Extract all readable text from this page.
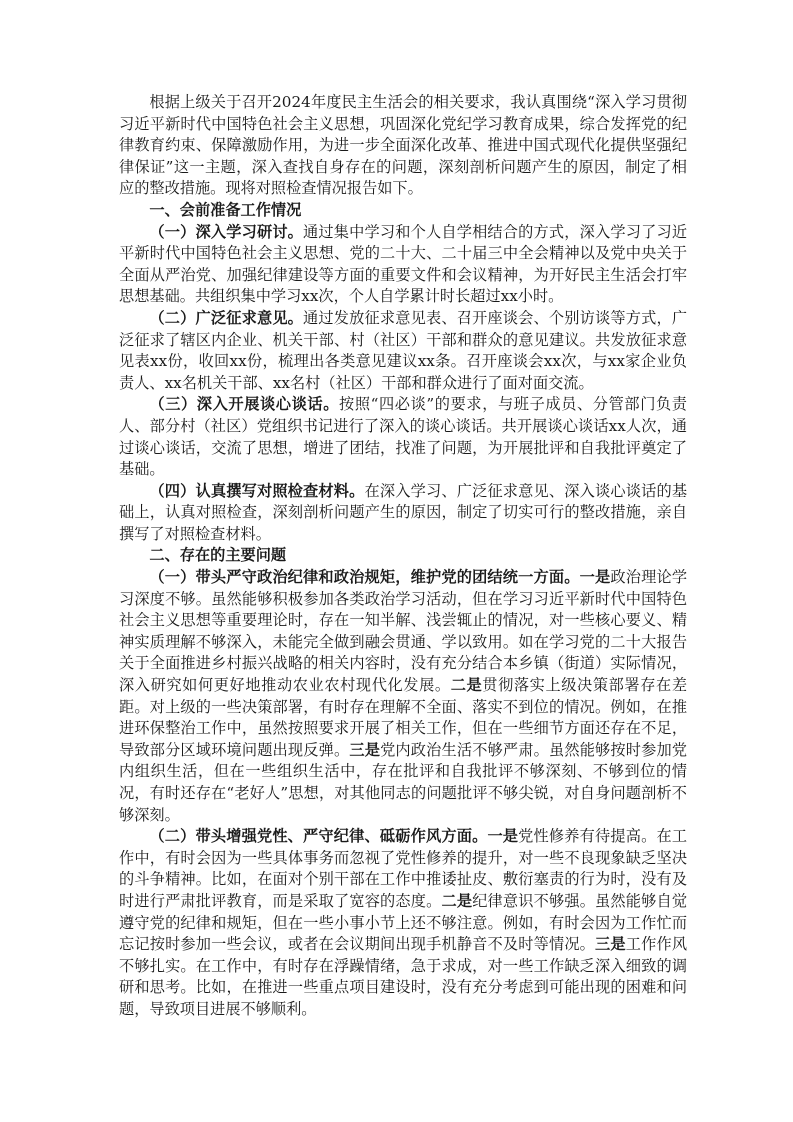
根据上级关于召开2024年度民主生活会的相关要求，我认真围绕“深入学习贯彻习近平新时代中国特色社会主义思想，巩固深化党纪学习教育成果，综合发挥党的纪律教育约束、保障激励作用，为进一步全面深化改革、推进中国式现代化提供坚强纪律保证”这一主题，深入查找自身存在的问题，深刻剖析问题产生的原因，制定了相应的整改措施。现将对照检查情况报告如下。

一、会前准备工作情况

（一）深入学习研讨。通过集中学习和个人自学相结合的方式，深入学习了习近平新时代中国特色社会主义思想、党的二十大、二十届三中全会精神以及党中央关于全面从严治党、加强纪律建设等方面的重要文件和会议精神，为开好民主生活会打牢思想基础。共组织集中学习xx次，个人自学累计时长超过xx小时。

（二）广泛征求意见。通过发放征求意见表、召开座谈会、个别访谈等方式，广泛征求了辖区内企业、机关干部、村（社区）干部和群众的意见建议。共发放征求意见表xx份，收回xx份，梳理出各类意见建议xx条。召开座谈会xx次，与xx家企业负责人、xx名机关干部、xx名村（社区）干部和群众进行了面对面交流。

（三）深入开展谈心谈话。按照“四必谈”的要求，与班子成员、分管部门负责人、部分村（社区）党组织书记进行了深入的谈心谈话。共开展谈心谈话xx人次，通过谈心谈话，交流了思想，增进了团结，找准了问题，为开展批评和自我批评奠定了基础。

（四）认真撰写对照检查材料。在深入学习、广泛征求意见、深入谈心谈话的基础上，认真对照检查，深刻剖析问题产生的原因，制定了切实可行的整改措施，亲自撰写了对照检查材料。

二、存在的主要问题

（一）带头严守政治纪律和政治规矩，维护党的团结统一方面。一是政治理论学习深度不够。虽然能够积极参加各类政治学习活动，但在学习习近平新时代中国特色社会主义思想等重要理论时，存在一知半解、浅尝辄止的情况，对一些核心要义、精神实质理解不够深入，未能完全做到融会贯通、学以致用。如在学习党的二十大报告关于全面推进乡村振兴战略的相关内容时，没有充分结合本乡镇（街道）实际情况，深入研究如何更好地推动农业农村现代化发展。二是贯彻落实上级决策部署存在差距。对上级的一些决策部署，有时存在理解不全面、落实不到位的情况。例如，在推进环保整治工作中，虽然按照要求开展了相关工作，但在一些细节方面还存在不足，导致部分区域环境问题出现反弹。三是党内政治生活不够严肃。虽然能够按时参加党内组织生活，但在一些组织生活中，存在批评和自我批评不够深刻、不够到位的情况，有时还存在“老好人”思想，对其他同志的问题批评不够尖锐，对自身问题剖析不够深刻。

（二）带头增强党性、严守纪律、砥砺作风方面。一是党性修养有待提高。在工作中，有时会因为一些具体事务而忽视了党性修养的提升，对一些不良现象缺乏坚决的斗争精神。比如，在面对个别干部在工作中推诿扯皮、敷衍塞责的行为时，没有及时进行严肃批评教育，而是采取了宽容的态度。二是纪律意识不够强。虽然能够自觉遵守党的纪律和规矩，但在一些小事小节上还不够注意。例如，有时会因为工作忙而忘记按时参加一些会议，或者在会议期间出现手机静音不及时等情况。三是工作作风不够扎实。在工作中，有时存在浮躁情绪，急于求成，对一些工作缺乏深入细致的调研和思考。比如，在推进一些重点项目建设时，没有充分考虑到可能出现的困难和问题，导致项目进展不够顺利。
